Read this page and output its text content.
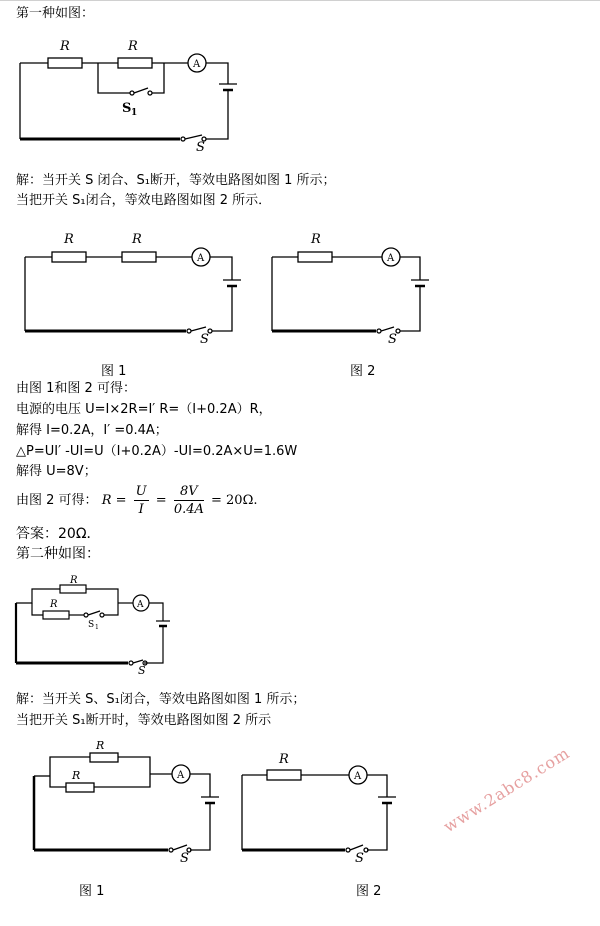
第一种如图：
R	R
A
S 1
S
解：当开关 S 闭合、S₁断开，等效电路图如图 1 所示；
当把开关 S₁闭合，等效电路图如图 2 所示．
R	R
A
S
R
A
S
图 1	图 2
由图 1和图 2 可得：
电源的电压 U=I×2R=I′ R=（I+0.2A）R，
解得 I=0.2A，I′ =0.4A；
△P=UI′ -UI=U（I+0.2A）-UI=0.2A×U=1.6W
解得 U=8V；
由图 2 可得： $R = \frac{U}{I} = \frac{8V}{0.4A} = 20\Omega$.
答案：20Ω．
第二种如图：
R
R	A
S 1
S
解：当开关 S、S₁闭合，等效电路图如图 1 所示；
当把开关 S₁断开时，等效电路图如图 2 所示
R
R	A
S
R
A
S
图 1	图 2
www.2abc8.com
